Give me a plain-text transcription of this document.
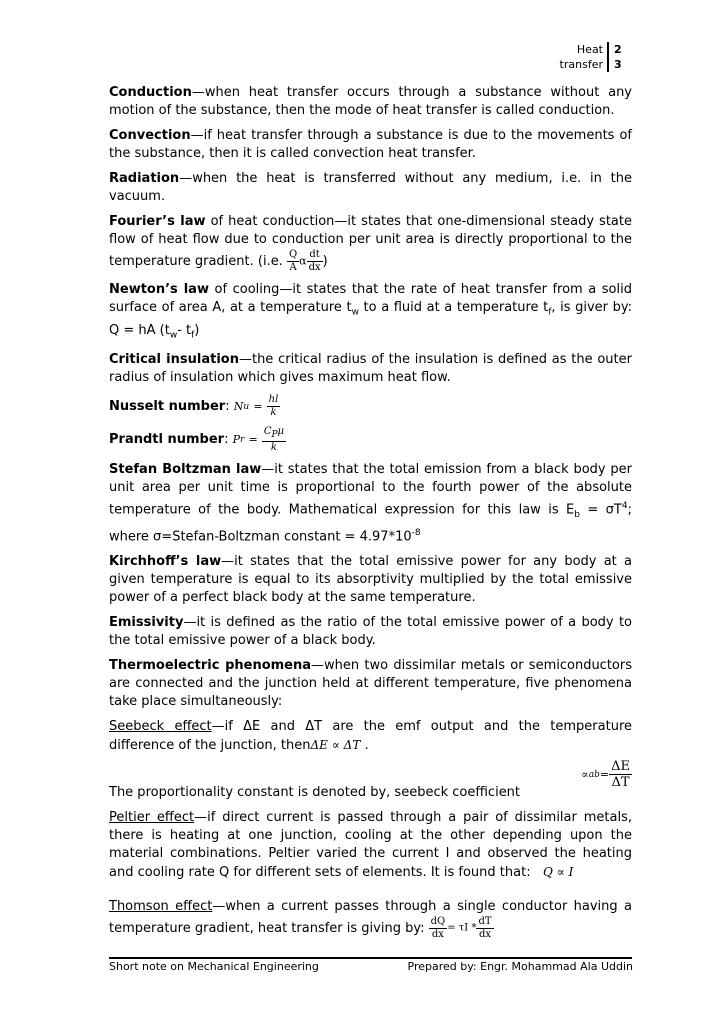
Heat
transfer
2
3

Conduction—when heat transfer occurs through a substance without any motion of the substance, then the mode of heat transfer is called conduction.

Convection—if heat transfer through a substance is due to the movements of the substance, then it is called convection heat transfer.

Radiation—when the heat is transferred without any medium, i.e. in the vacuum.

Fourier’s law of heat conduction—it states that one-dimensional steady state flow of heat flow due to conduction per unit area is directly proportional to the temperature gradient. (i.e. $\frac{Q}{A}$ α $\frac{dt}{dx}$ )

Newton’s law of cooling—it states that the rate of heat transfer from a solid surface of area A, at a temperature $t_w$ to a fluid at a temperature $t_f$, is giver by: Q = hA ($t_w-$ $t_f$)

Critical insulation—the critical radius of the insulation is defined as the outer radius of insulation which gives maximum heat flow.

Nusselt number :
N u
=
$\frac{hl}{k}$

Prandtl number :
P r
=
$\frac{\text{CPμ}}{k}$

Stefan Boltzman law—it states that the total emission from a black body per unit area per unit time is proportional to the fourth power of the absolute temperature of the body. Mathematical expression for this law is $E_b = \sigma T^4$; where σ=Stefan-Boltzman constant = $4.97*10^{-8}$

Kirchhoff’s law—it states that the total emissive power for any body at a given temperature is equal to its absorptivity multiplied by the total emissive power of a perfect black body at the same temperature.

Emissivity—it is defined as the ratio of the total emissive power of a body to the total emissive power of a black body.

Thermoelectric phenomena—when two dissimilar metals or semiconductors are connected and the junction held at different temperature, five phenomena take place simultaneously:

Seebeck effect—if ΔE and ΔT are the emf output and the temperature difference of the junction, thenΔE ∝ ΔT .

∝ ab = $\frac{\Delta E}{\Delta T}$

The proportionality constant is denoted by, seebeck coefficient

Peltier effect—if direct current is passed through a pair of dissimilar metals, there is heating at one junction, cooling at the other depending upon the material combinations. Peltier varied the current I and observed the heating and cooling rate Q for different sets of elements. It is found that: Q ∝ I

Thomson effect—when a current passes through a single conductor having a temperature gradient, heat transfer is giving by: $\frac{dQ}{dx} = \tau I * \frac{dT}{dx}$

Short note on Mechanical Engineering	Prepared by: Engr. Mohammad Ala Uddin
